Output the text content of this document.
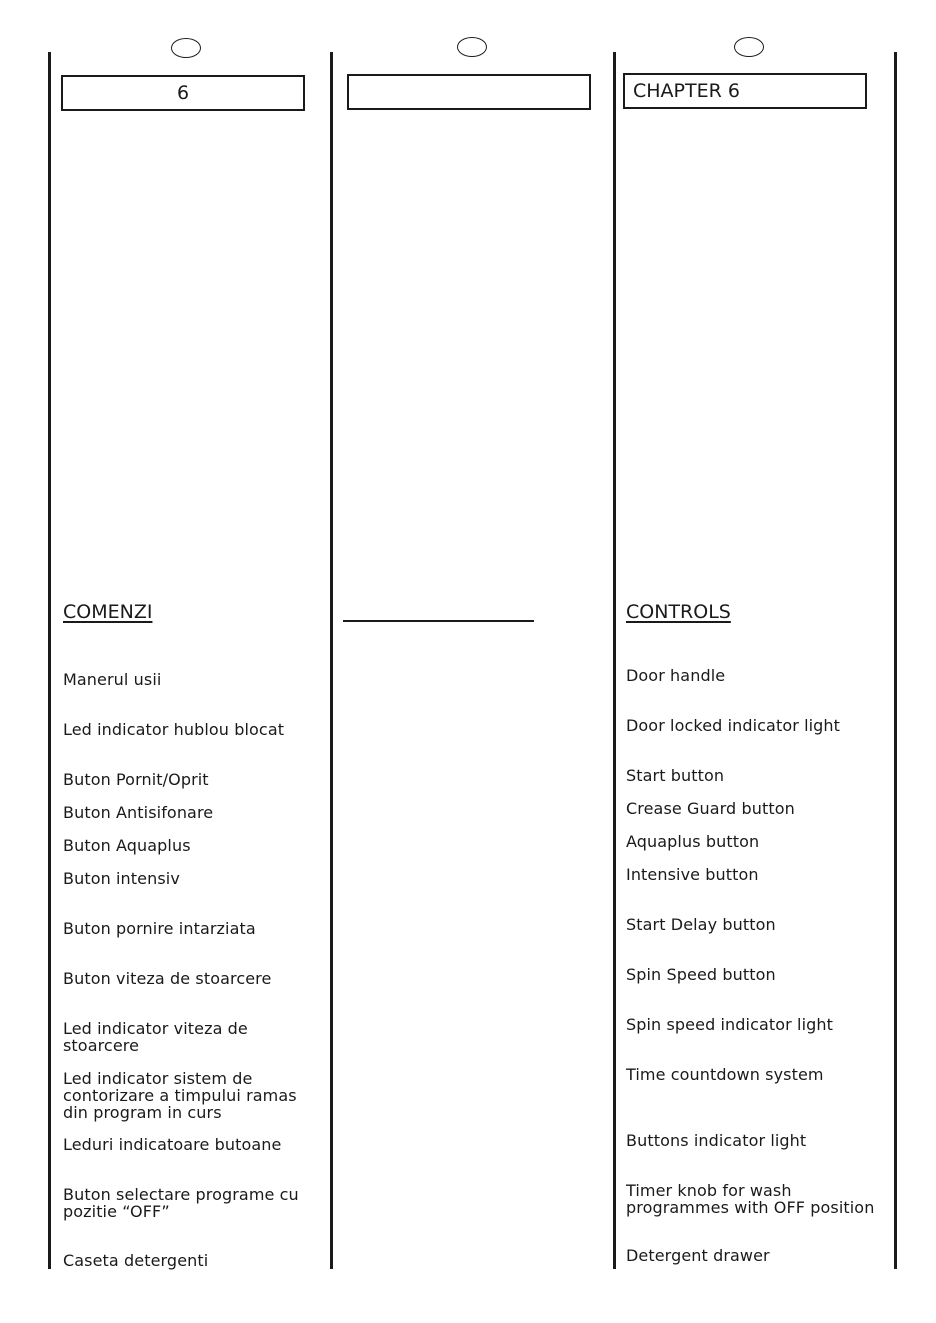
6	CHAPTER 6
COMENZI	CONTROLS
Manerul usii
Led indicator hublou blocat
Buton Pornit/Oprit
Buton Antisifonare
Buton Aquaplus
Buton intensiv
Buton pornire intarziata
Buton viteza de stoarcere
Led indicator viteza de
stoarcere
Led indicator sistem de
contorizare a timpului ramas
din program in curs
Leduri indicatoare butoane
Buton selectare programe cu
pozitie “OFF”
Caseta detergenti
Door handle
Door locked indicator light
Start button
Crease Guard button
Aquaplus button
Intensive button
Start Delay button
Spin Speed button
Spin speed indicator light
Time countdown system
Buttons indicator light
Timer knob for wash
programmes with OFF position
Detergent drawer
